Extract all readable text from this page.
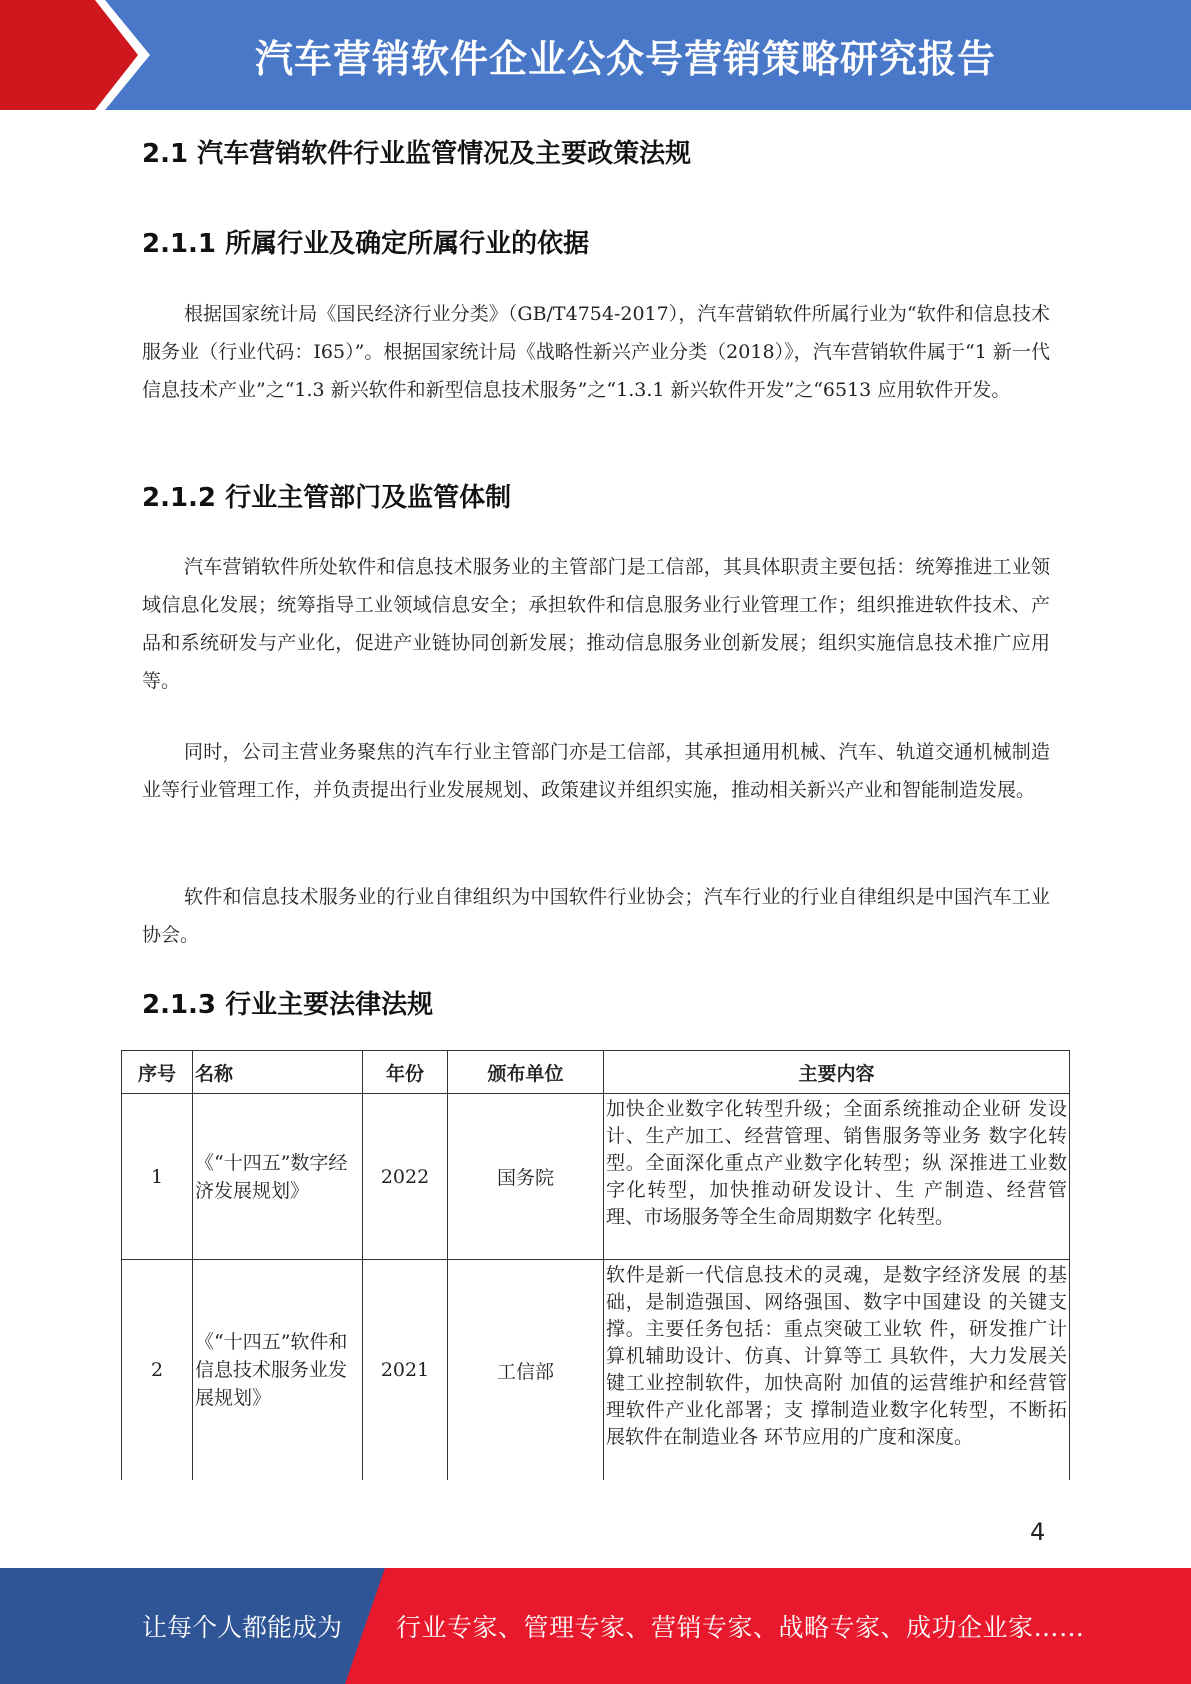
汽车营销软件企业公众号营销策略研究报告
2.1 汽车营销软件行业监管情况及主要政策法规
2.1.1 所属行业及确定所属行业的依据

根据国家统计局《国民经济行业分类》（GB/T4754-2017），汽车营销软件所属行业为“软件和信息技术服务业（行业代码：I65）”。根据国家统计局《战略性新兴产业分类（2018）》，汽车营销软件属于“1 新一代信息技术产业”之“1.3 新兴软件和新型信息技术服务”之“1.3.1 新兴软件开发”之“6513 应用软件开发。

2.1.2 行业主管部门及监管体制

汽车营销软件所处软件和信息技术服务业的主管部门是工信部，其具体职责主要包括：统筹推进工业领域信息化发展；统筹指导工业领域信息安全；承担软件和信息服务业行业管理工作；组织推进软件技术、产品和系统研发与产业化，促进产业链协同创新发展；推动信息服务业创新发展；组织实施信息技术推广应用等。

同时，公司主营业务聚焦的汽车行业主管部门亦是工信部，其承担通用机械、汽车、轨道交通机械制造业等行业管理工作，并负责提出行业发展规划、政策建议并组织实施，推动相关新兴产业和智能制造发展。

软件和信息技术服务业的行业自律组织为中国软件行业协会；汽车行业的行业自律组织是中国汽车工业协会。

2.1.3 行业主要法律法规
序号	名称	年份	颁布单位	主要内容
1	《“十四五”数字经济发展规划》	2022	国务院	加快企业数字化转型升级；全面系统推动企业研 发设计、生产加工、经营管理、销售服务等业务 数字化转型。全面深化重点产业数字化转型；纵 深推进工业数字化转型，加快推动研发设计、生 产制造、经营管理、市场服务等全生命周期数字 化转型。
2	《“十四五”软件和信息技术服务业发展规划》	2021	工信部	软件是新一代信息技术的灵魂，是数字经济发展 的基础，是制造强国、网络强国、数字中国建设 的关键支撑。主要任务包括：重点突破工业软 件，研发推广计算机辅助设计、仿真、计算等工 具软件，大力发展关键工业控制软件，加快高附 加值的运营维护和经营管理软件产业化部署；支 撑制造业数字化转型，不断拓展软件在制造业各 环节应用的广度和深度。
4
让每个人都能成为 行业专家、管理专家、营销专家、战略专家、成功企业家……
